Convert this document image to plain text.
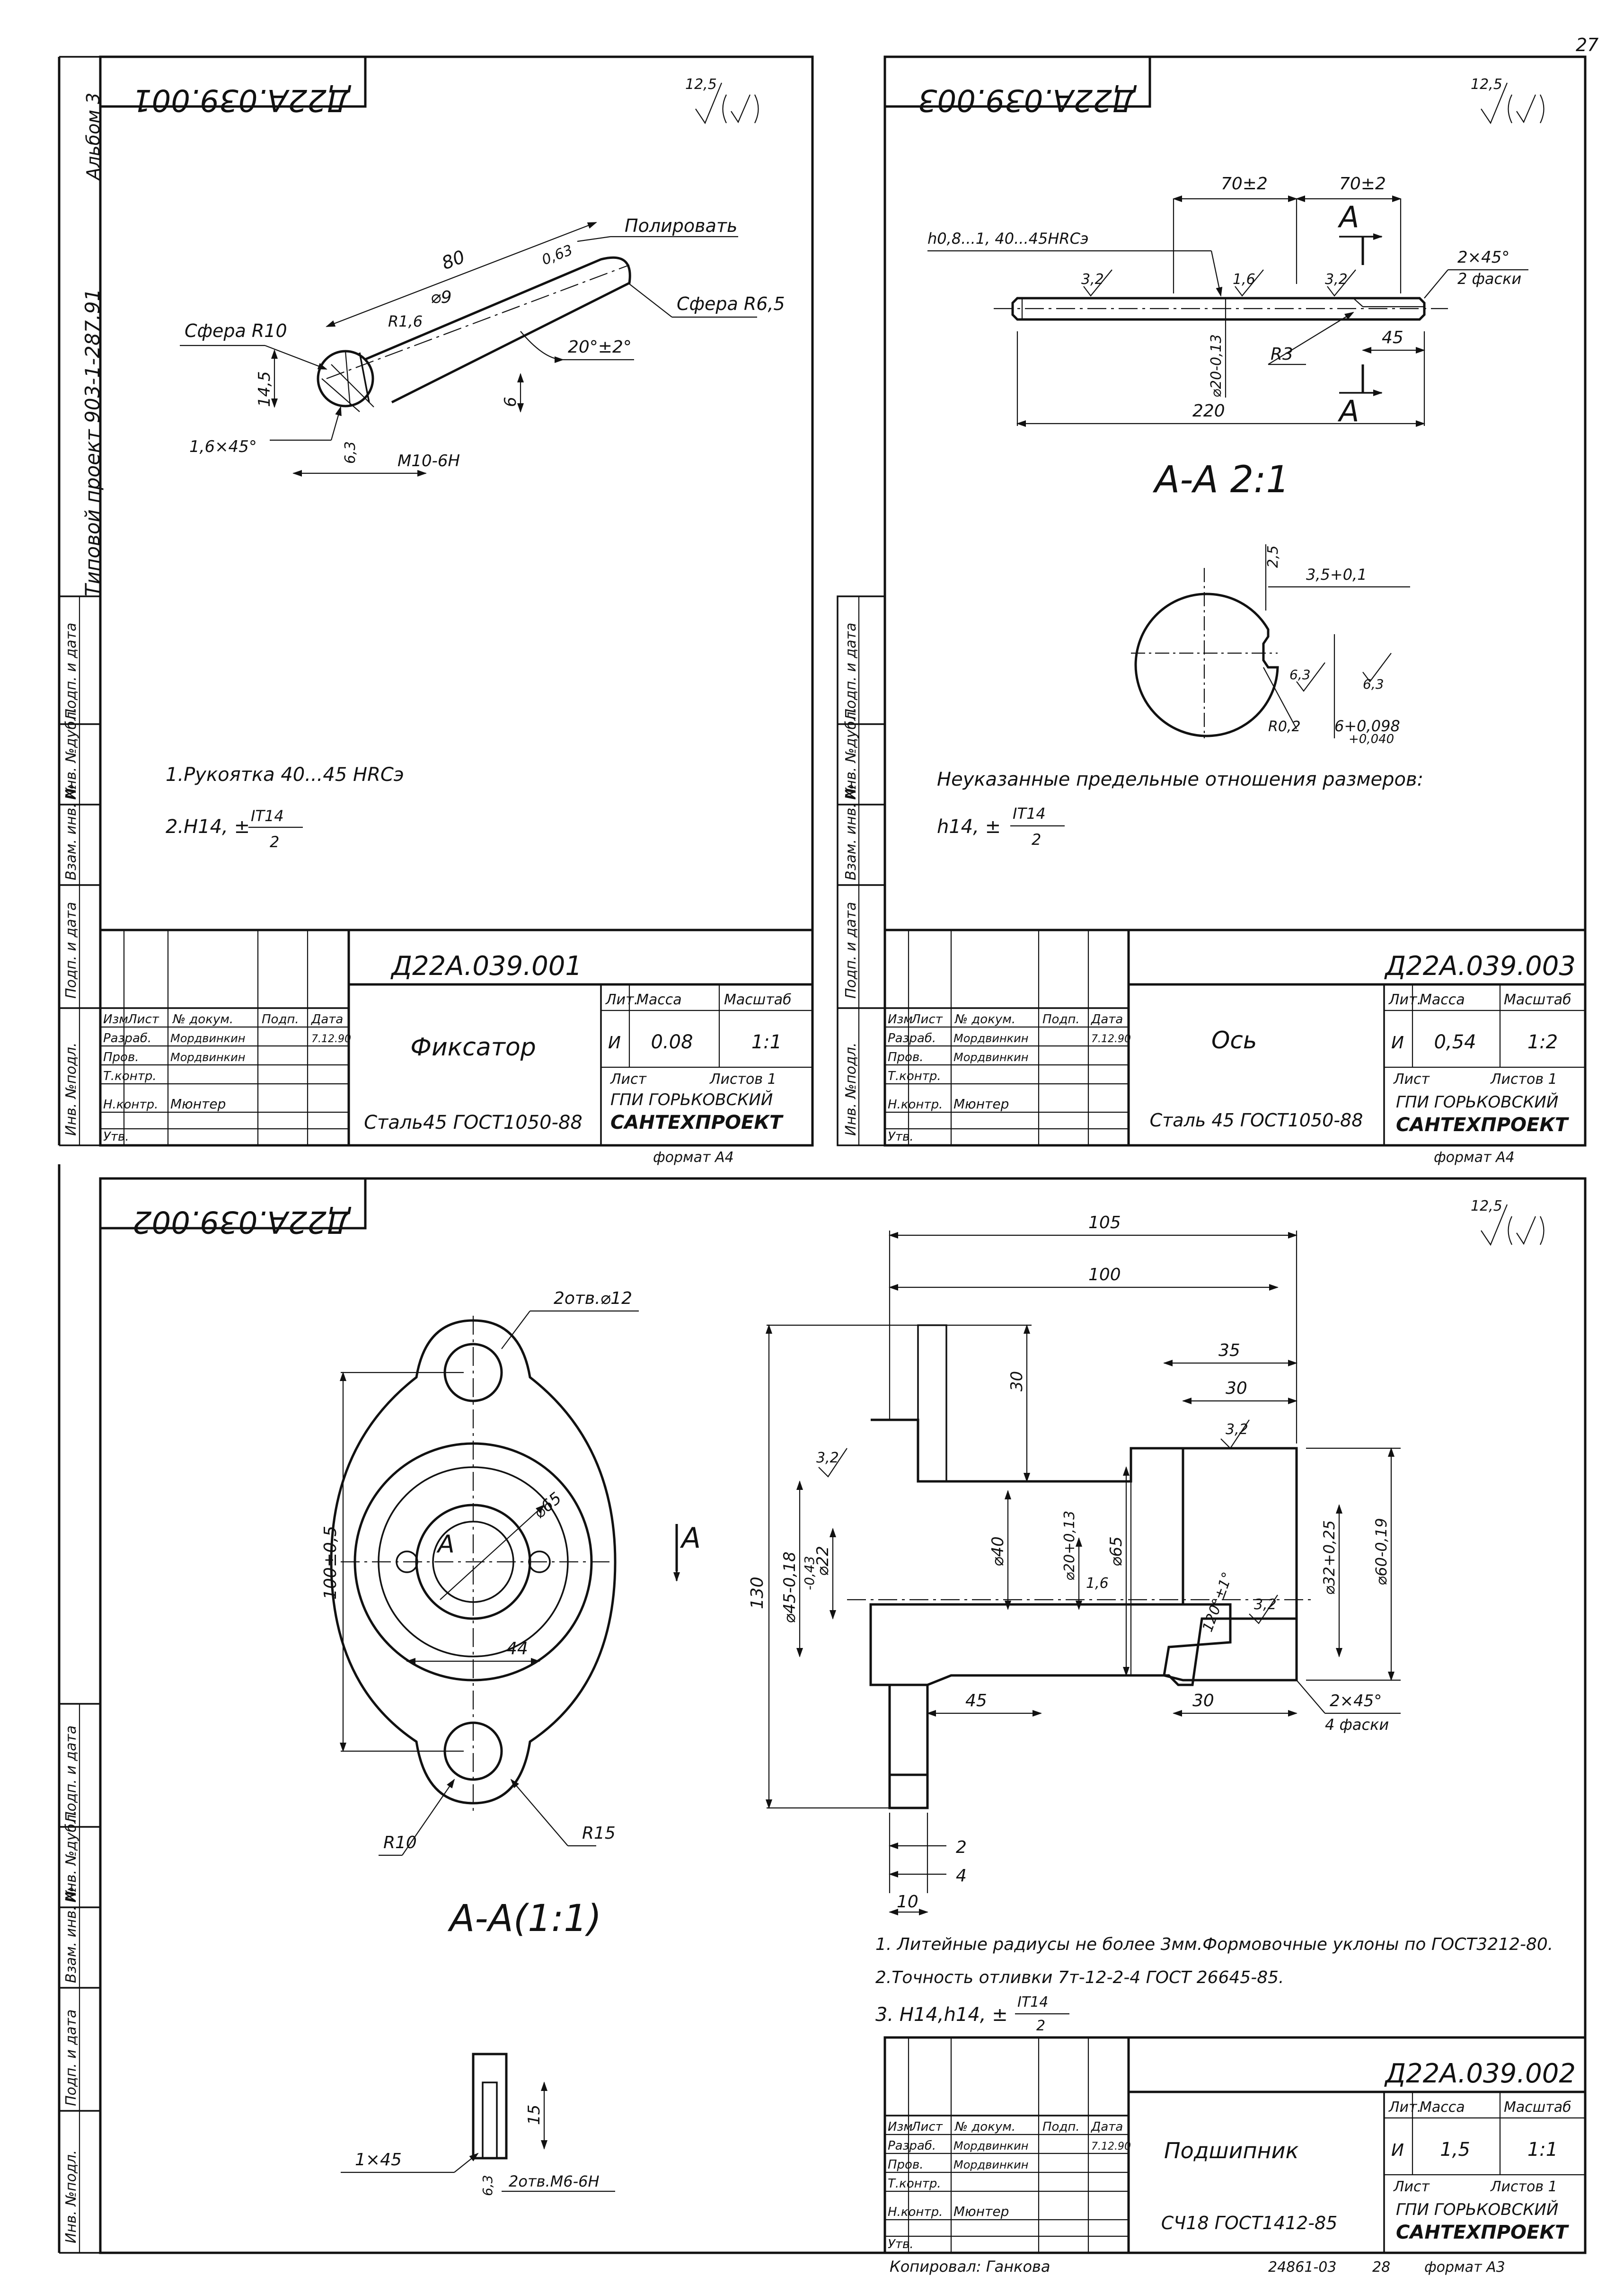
27
Альбом 3
Типовой проект 903-1-287.91
Инв. №подл.
Подп. и дата
Взам. инв. №
Инв. №дубл.
Подп. и дата
Д22А.039.001	12,5
80	0,63
Полировать
Сфера R10	R1,6
⌀9	Сфера R6,5
20°±2°
14,5	6
1,6×45°	6,3 М10-6Н
1.Рукоятка 40...45 HRCэ
2.H14, ± IT14
2
Изм Лист № докум. Подп. Дата
Разраб. Мордвинкин	7.12.90
Пров.	Мордвинкин
Т.контр.
Н.контр. Мюнтер
Утв.
Д22А.039.001
Фиксатор
Сталь45 ГОСТ1050-88
Лит.
Масса	Масштаб
И 0.08	1:1
Лист	Листов 1
ГПИ ГОРЬКОВСКИЙ
САНТЕХПРОЕКТ
формат А4
Инв. №подл.
Подп. и дата
Взам. инв. №
Инв. №дубл.
Подп. и дата
Д22А.039.003	12,5
70±2	70±2
h0,8...1, 40...45HRCэ
3,2	1,6	3,2
2×45°
2 фаски
R3
45
⌀20-0,13
220
А
А
А-А 2:1
2,5
3,5+0,1
6,3
6,3
R0,2 6+0,098
+0,040
Неуказанные предельные отношения размеров:
h14, ±
IT14
2
Изм
Лист № докум. Подп. Дата
Разраб. Мордвинкин	7.12.90
Пров.	Мордвинкин
Т.контр.
Н.контр. Мюнтер
Утв.
Д22А.039.003
Ось
Сталь 45 ГОСТ1050-88
Лит.
Масса	Масштаб
И 0,54	1:2
Лист	Листов 1
ГПИ ГОРЬКОВСКИЙ
САНТЕХПРОЕКТ
формат А4
Инв. №подл.
Подп. и дата
Взам. инв. №
Инв. №дубл.
Подп. и дата
Д22А.039.002	12,5
2отв.⌀12
⌀65
А
100±0,5
44
R10	R15
А
А-А(1:1)
15
1×45
6,3 2отв.М6-6Н
105
100
35
30
30
3,2
3,2
⌀45-0,18 -0,43
⌀22	⌀40	⌀20+0,13 ⌀65
1,6	120°±1° 3,2
⌀32+0,25 ⌀60-0,19
130
45	30	2×45°
4 фаски
2
4
10
1. Литейные радиусы не более 3мм.Формовочные уклоны по ГОСТ3212-80.
2.Точность отливки 7т-12-2-4 ГОСТ 26645-85.
3. H14,h14, ±
IT14
2
Изм
Лист № докум. Подп. Дата
Разраб. Мордвинкин	7.12.90
Пров.	Мордвинкин
Т.контр.
Н.контр. Мюнтер
Утв.
Д22А.039.002
Подшипник
СЧ18 ГОСТ1412-85
Лит.
Масса	Масштаб
И 1,5	1:1
Лист	Листов 1
ГПИ ГОРЬКОВСКИЙ
САНТЕХПРОЕКТ
Копировал: Ганкова	24861-03	28 формат А3
